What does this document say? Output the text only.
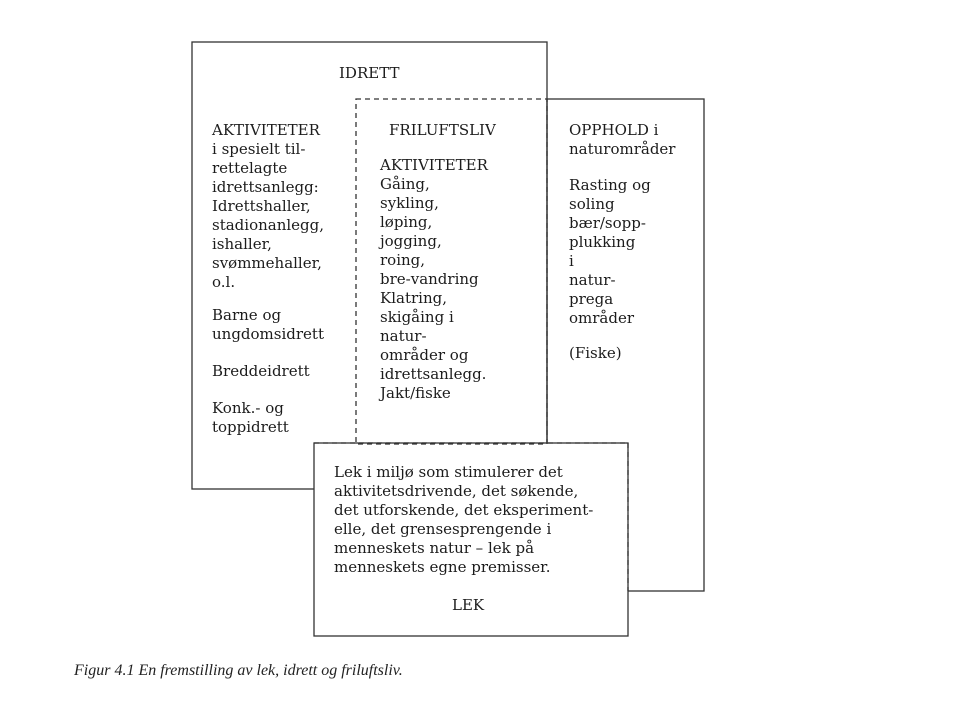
IDRETT

AKTIVITETER
i spesielt til-
rettelagte
idrettsanlegg:
Idrettshaller,
stadionanlegg,
ishaller,
svømmehaller,
o.l.

Barne og
ungdomsidrett

Breddeidrett

Konk.- og
toppidrett

FRILUFTSLIV

AKTIVITETER
Gåing,
sykling,
løping,
jogging,
roing,
bre-vandring
Klatring,
skigåing i
natur-
områder og
idrettsanlegg.
Jakt/fiske

OPPHOLD i
naturområder

Rasting og
soling
bær/sopp-
plukking
i
natur-
prega
områder

(Fiske)

Lek i miljø som stimulerer det
aktivitetsdrivende, det søkende,
det utforskende, det eksperiment-
elle, det grensesprengende i
menneskets natur – lek på
menneskets egne premisser.

LEK

Figur 4.1 En fremstilling av lek, idrett og friluftsliv.
